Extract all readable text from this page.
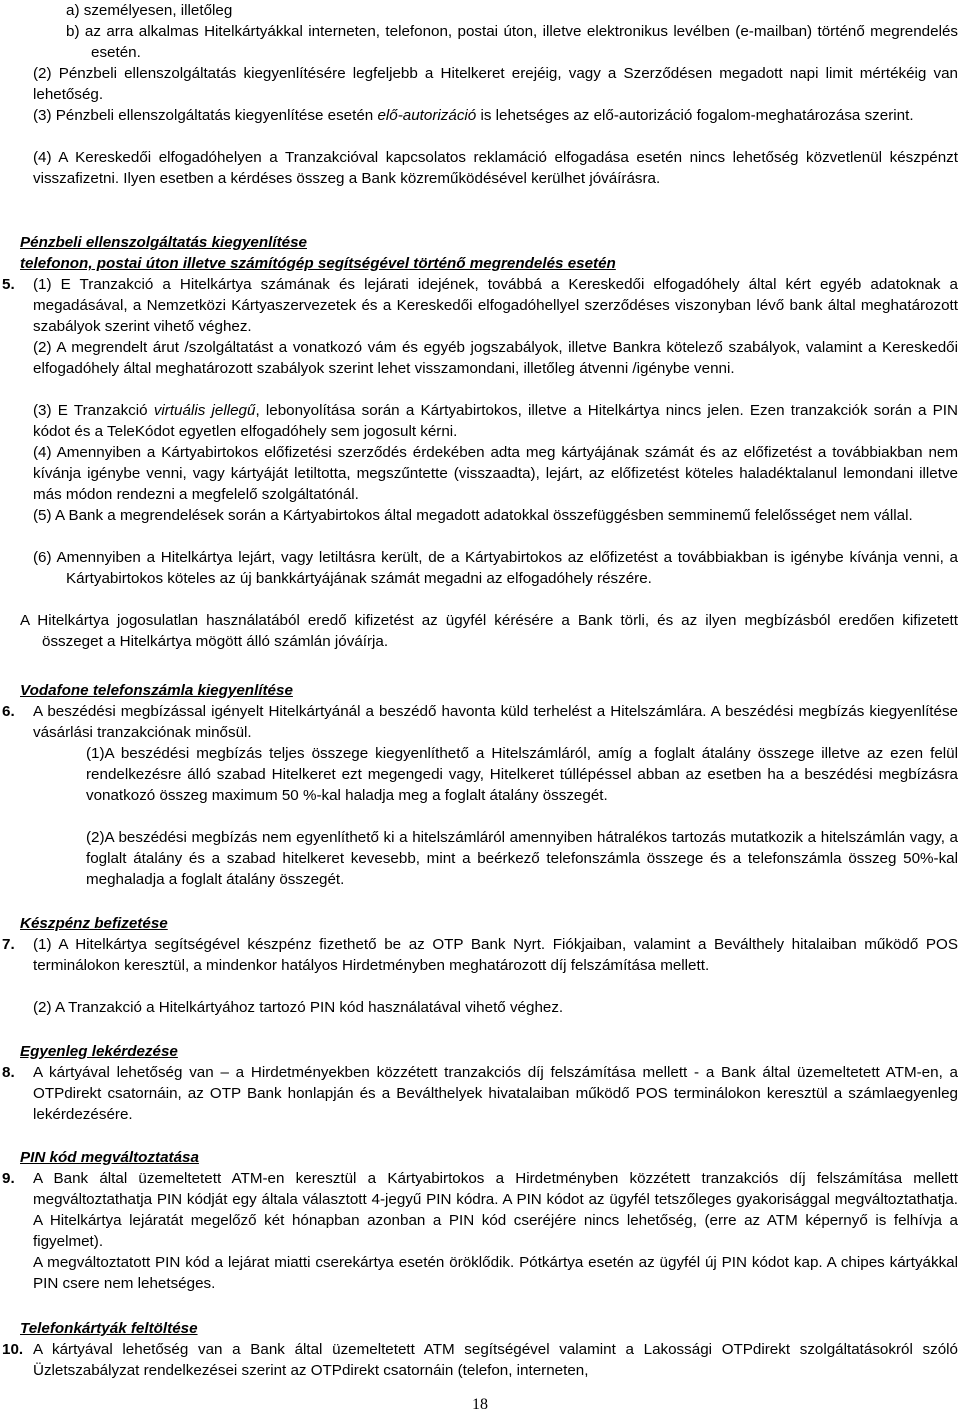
a) személyesen, illetőleg

b) az arra alkalmas Hitelkártyákkal interneten, telefonon, postai úton, illetve elektronikus levélben (e-mailban) történő megrendelés esetén.

(2) Pénzbeli ellenszolgáltatás kiegyenlítésére legfeljebb a Hitelkeret erejéig, vagy a Szerződésen megadott napi limit mértékéig van lehetőség.

(3) Pénzbeli ellenszolgáltatás kiegyenlítése esetén elő-autorizáció is lehetséges az elő-autorizáció fogalom-meghatározása szerint.

(4) A Kereskedői elfogadóhelyen a Tranzakcióval kapcsolatos reklamáció elfogadása esetén nincs lehetőség közvetlenül készpénzt visszafizetni. Ilyen esetben a kérdéses összeg a Bank közreműködésével kerülhet jóváírásra.

Pénzbeli ellenszolgáltatás kiegyenlítése

telefonon, postai úton illetve számítógép segítségével történő megrendelés esetén

5. (1) E Tranzakció a Hitelkártya számának és lejárati idejének, továbbá a Kereskedői elfogadóhely által kért egyéb adatoknak a megadásával, a Nemzetközi Kártyaszervezetek és a Kereskedői elfogadóhellyel szerződéses viszonyban lévő bank által meghatározott szabályok szerint vihető véghez.

(2) A megrendelt árut /szolgáltatást a vonatkozó vám és egyéb jogszabályok, illetve Bankra kötelező szabályok, valamint a Kereskedői elfogadóhely által meghatározott szabályok szerint lehet visszamondani, illetőleg átvenni /igénybe venni.

(3) E Tranzakció virtuális jellegű, lebonyolítása során a Kártyabirtokos, illetve a Hitelkártya nincs jelen. Ezen tranzakciók során a PIN kódot és a TeleKódot egyetlen elfogadóhely sem jogosult kérni.

(4) Amennyiben a Kártyabirtokos előfizetési szerződés érdekében adta meg kártyájának számát és az előfizetést a továbbiakban nem kívánja igénybe venni, vagy kártyáját letiltotta, megszűntette (visszaadta), lejárt, az előfizetést köteles haladéktalanul lemondani illetve más módon rendezni a megfelelő szolgáltatónál.

(5) A Bank a megrendelések során a Kártyabirtokos által megadott adatokkal összefüggésben semminemű felelősséget nem vállal.

(6) Amennyiben a Hitelkártya lejárt, vagy letiltásra került, de a Kártyabirtokos az előfizetést a továbbiakban is igénybe kívánja venni, a Kártyabirtokos köteles az új bankkártyájának számát megadni az elfogadóhely részére.

A Hitelkártya jogosulatlan használatából eredő kifizetést az ügyfél kérésére a Bank törli, és az ilyen megbízásból eredően kifizetett összeget a Hitelkártya mögött álló számlán jóváírja.

Vodafone telefonszámla kiegyenlítése

6. A beszédési megbízással igényelt Hitelkártyánál a beszédő havonta küld terhelést a Hitelszámlára. A beszédési megbízás kiegyenlítése vásárlási tranzakciónak minősül.

(1)A beszédési megbízás teljes összege kiegyenlíthető a Hitelszámláról, amíg a foglalt átalány összege illetve az ezen felül rendelkezésre álló szabad Hitelkeret ezt megengedi vagy, Hitelkeret túllépéssel abban az esetben ha a beszédési megbízásra vonatkozó összeg maximum 50 %-kal haladja meg a foglalt átalány összegét.

(2)A beszédési megbízás nem egyenlíthető ki a hitelszámláról amennyiben hátralékos tartozás mutatkozik a hitelszámlán vagy, a foglalt átalány és a szabad hitelkeret kevesebb, mint a beérkező telefonszámla összege és a telefonszámla összeg 50%-kal meghaladja a foglalt átalány összegét.

Készpénz befizetése

7. (1) A Hitelkártya segítségével készpénz fizethető be az OTP Bank Nyrt. Fiókjaiban, valamint a Beválthely hitalaiban működő POS terminálokon keresztül, a mindenkor hatályos Hirdetményben meghatározott díj felszámítása mellett.

(2) A Tranzakció a Hitelkártyához tartozó PIN kód használatával vihető véghez.

Egyenleg lekérdezése

8. A kártyával lehetőség van – a Hirdetményekben közzétett tranzakciós díj felszámítása mellett - a Bank által üzemeltetett ATM-en, a OTPdirekt csatornáin, az OTP Bank honlapján és a Beválthelyek hivatalaiban működő POS terminálokon keresztül a számlaegyenleg lekérdezésére.

PIN kód megváltoztatása

9. A Bank által üzemeltetett ATM-en keresztül a Kártyabirtokos a Hirdetményben közzétett tranzakciós díj felszámítása mellett megváltoztathatja PIN kódját egy általa választott 4-jegyű PIN kódra. A PIN kódot az ügyfél tetszőleges gyakorisággal megváltoztathatja. A Hitelkártya lejáratát megelőző két hónapban azonban a PIN kód cseréjére nincs lehetőség, (erre az ATM képernyő is felhívja a figyelmet).

A megváltoztatott PIN kód a lejárat miatti cserekártya esetén öröklődik. Pótkártya esetén az ügyfél új PIN kódot kap. A chipes kártyákkal PIN csere nem lehetséges.

Telefonkártyák feltöltése

10. A kártyával lehetőség van a Bank által üzemeltetett ATM segítségével valamint a Lakossági OTPdirekt szolgáltatásokról szóló Üzletszabályzat rendelkezései szerint az OTPdirekt csatornáin (telefon, interneten,

18
